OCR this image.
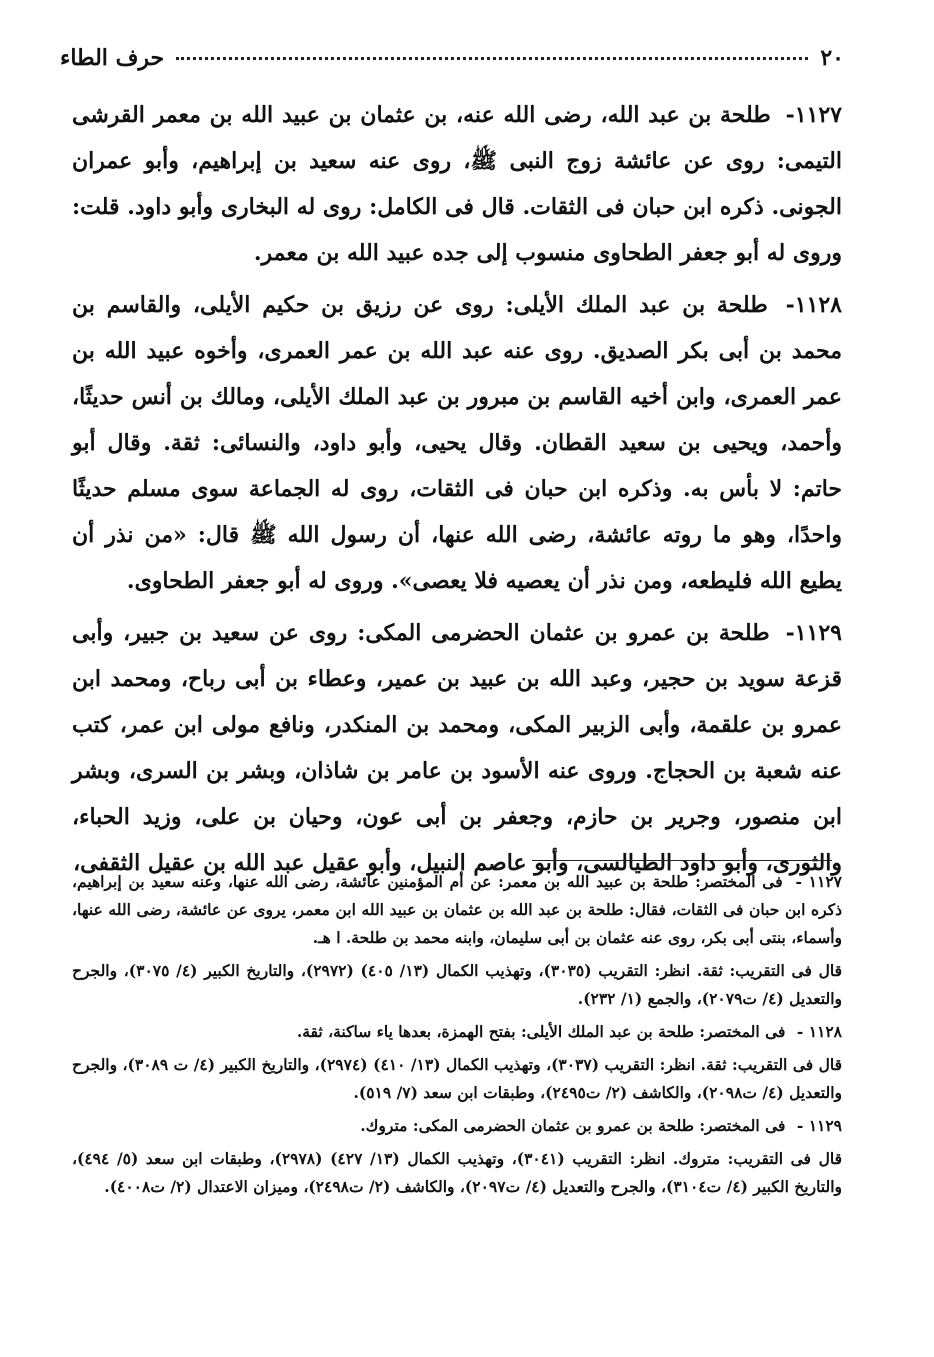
٢٠
حرف الطاء

١١٢٧- طلحة بن عبد الله، رضى الله عنه، بن عثمان بن عبيد الله بن معمر القرشى التيمى: روى عن عائشة زوج النبى ﷺ، روى عنه سعيد بن إبراهيم، وأبو عمران الجونى. ذكره ابن حبان فى الثقات. قال فى الكامل: روى له البخارى وأبو داود. قلت: وروى له أبو جعفر الطحاوى منسوب إلى جده عبيد الله بن معمر.

١١٢٨- طلحة بن عبد الملك الأيلى: روى عن رزيق بن حكيم الأيلى، والقاسم بن محمد بن أبى بكر الصديق. روى عنه عبد الله بن عمر العمرى، وأخوه عبيد الله بن عمر العمرى، وابن أخيه القاسم بن مبرور بن عبد الملك الأيلى، ومالك بن أنس حديثًا، وأحمد، ويحيى بن سعيد القطان. وقال يحيى، وأبو داود، والنسائى: ثقة. وقال أبو حاتم: لا بأس به. وذكره ابن حبان فى الثقات، روى له الجماعة سوى مسلم حديثًا واحدًا، وهو ما روته عائشة، رضى الله عنها، أن رسول الله ﷺ قال: «من نذر أن يطيع الله فليطعه، ومن نذر أن يعصيه فلا يعصى». وروى له أبو جعفر الطحاوى.

١١٢٩- طلحة بن عمرو بن عثمان الحضرمى المكى: روى عن سعيد بن جبير، وأبى قزعة سويد بن حجير، وعبد الله بن عبيد بن عمير، وعطاء بن أبى رباح، ومحمد ابن عمرو بن علقمة، وأبى الزبير المكى، ومحمد بن المنكدر، ونافع مولى ابن عمر، كتب عنه شعبة بن الحجاج. وروى عنه الأسود بن عامر بن شاذان، وبشر بن السرى، وبشر ابن منصور، وجرير بن حازم، وجعفر بن أبى عون، وحيان بن على، وزيد الحباء، والثورى، وأبو داود الطيالسى، وأبو عاصم النبيل، وأبو عقيل عبد الله بن عقيل الثقفى،

١١٢٧ - فى المختصر: طلحة بن عبيد الله بن معمر: عن أم المؤمنين عائشة، رضى الله عنها، وعنه سعيد بن إبراهيم، ذكره ابن حبان فى الثقات، فقال: طلحة بن عبد الله بن عثمان بن عبيد الله ابن معمر، يروى عن عائشة، رضى الله عنها، وأسماء، بنتى أبى بكر، روى عنه عثمان بن أبى سليمان، وابنه محمد بن طلحة. ا هـ.

قال فى التقريب: ثقة. انظر: التقريب (٣٠٣٥)، وتهذيب الكمال (١٣/ ٤٠٥) (٢٩٧٢)، والتاريخ الكبير (٤/ ٣٠٧٥)، والجرح والتعديل (٤/ ت٢٠٧٩)، والجمع (١/ ٢٣٢).

١١٢٨ - فى المختصر: طلحة بن عبد الملك الأيلى: بفتح الهمزة، بعدها ياء ساكنة، ثقة.

قال فى التقريب: ثقة. انظر: التقريب (٣٠٣٧)، وتهذيب الكمال (١٣/ ٤١٠) (٢٩٧٤)، والتاريخ الكبير (٤/ ت ٣٠٨٩)، والجرح والتعديل (٤/ ت٢٠٩٨)، والكاشف (٢/ ت٢٤٩٥)، وطبقات ابن سعد (٧/ ٥١٩).

١١٢٩ - فى المختصر: طلحة بن عمرو بن عثمان الحضرمى المكى: متروك.

قال فى التقريب: متروك. انظر: التقريب (٣٠٤١)، وتهذيب الكمال (١٣/ ٤٢٧) (٢٩٧٨)، وطبقات ابن سعد (٥/ ٤٩٤)، والتاريخ الكبير (٤/ ت٣١٠٤)، والجرح والتعديل (٤/ ت٢٠٩٧)، والكاشف (٢/ ت٢٤٩٨)، وميزان الاعتدال (٢/ ت٤٠٠٨).
